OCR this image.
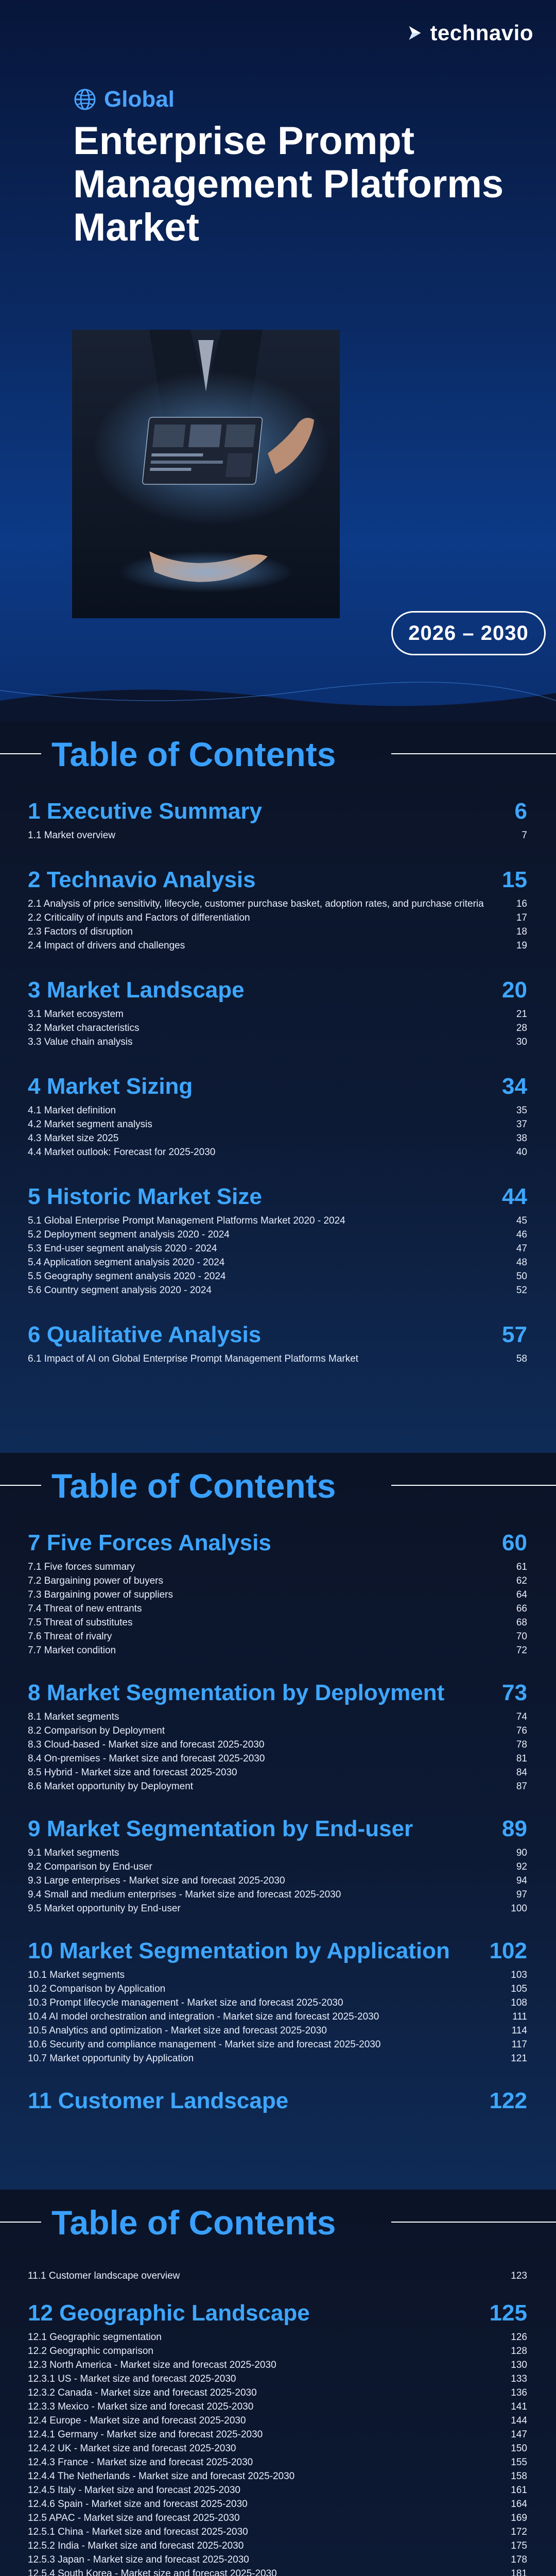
technavio
Global
Enterprise Prompt
Management Platforms
Market
2026 – 2030
Table of Contents
1 Executive Summary	6
1.1 Market overview	7
2 Technavio Analysis	15
2.1 Analysis of price sensitivity, lifecycle, customer purchase basket, adoption rates, and purchase criteria	16
2.2 Criticality of inputs and Factors of differentiation	17
2.3 Factors of disruption	18
2.4 Impact of drivers and challenges	19
3 Market Landscape	20
3.1 Market ecosystem	21
3.2 Market characteristics	28
3.3 Value chain analysis	30
4 Market Sizing	34
4.1 Market definition	35
4.2 Market segment analysis	37
4.3 Market size 2025	38
4.4 Market outlook: Forecast for 2025-2030	40
5 Historic Market Size	44
5.1 Global Enterprise Prompt Management Platforms Market 2020 - 2024	45
5.2 Deployment segment analysis 2020 - 2024	46
5.3 End-user segment analysis 2020 - 2024	47
5.4 Application segment analysis 2020 - 2024	48
5.5 Geography segment analysis 2020 - 2024	50
5.6 Country segment analysis 2020 - 2024	52
6 Qualitative Analysis	57
6.1 Impact of AI on Global Enterprise Prompt Management Platforms Market	58
Table of Contents
7 Five Forces Analysis	60
7.1 Five forces summary	61
7.2 Bargaining power of buyers	62
7.3 Bargaining power of suppliers	64
7.4 Threat of new entrants	66
7.5 Threat of substitutes	68
7.6 Threat of rivalry	70
7.7 Market condition	72
8 Market Segmentation by Deployment	73
8.1 Market segments	74
8.2 Comparison by Deployment	76
8.3 Cloud-based - Market size and forecast 2025-2030	78
8.4 On-premises - Market size and forecast 2025-2030	81
8.5 Hybrid - Market size and forecast 2025-2030	84
8.6 Market opportunity by Deployment	87
9 Market Segmentation by End-user	89
9.1 Market segments	90
9.2 Comparison by End-user	92
9.3 Large enterprises - Market size and forecast 2025-2030	94
9.4 Small and medium enterprises - Market size and forecast 2025-2030	97
9.5 Market opportunity by End-user	100
10 Market Segmentation by Application 102
10.1 Market segments	103
10.2 Comparison by Application	105
10.3 Prompt lifecycle management - Market size and forecast 2025-2030	108
10.4 AI model orchestration and integration - Market size and forecast 2025-2030	111
10.5 Analytics and optimization - Market size and forecast 2025-2030	114
10.6 Security and compliance management - Market size and forecast 2025-2030	117
10.7 Market opportunity by Application	121
11 Customer Landscape	122
Table of Contents
11.1 Customer landscape overview	123
12 Geographic Landscape	125
12.1 Geographic segmentation	126
12.2 Geographic comparison	128
12.3 North America - Market size and forecast 2025-2030	130
12.3.1 US - Market size and forecast 2025-2030	133
12.3.2 Canada - Market size and forecast 2025-2030	136
12.3.3 Mexico - Market size and forecast 2025-2030	141
12.4 Europe - Market size and forecast 2025-2030	144
12.4.1 Germany - Market size and forecast 2025-2030	147
12.4.2 UK - Market size and forecast 2025-2030	150
12.4.3 France - Market size and forecast 2025-2030	155
12.4.4 The Netherlands - Market size and forecast 2025-2030	158
12.4.5 Italy - Market size and forecast 2025-2030	161
12.4.6 Spain - Market size and forecast 2025-2030	164
12.5 APAC - Market size and forecast 2025-2030	169
12.5.1 China - Market size and forecast 2025-2030	172
12.5.2 India - Market size and forecast 2025-2030	175
12.5.3 Japan - Market size and forecast 2025-2030	178
12.5.4 South Korea - Market size and forecast 2025-2030	181
